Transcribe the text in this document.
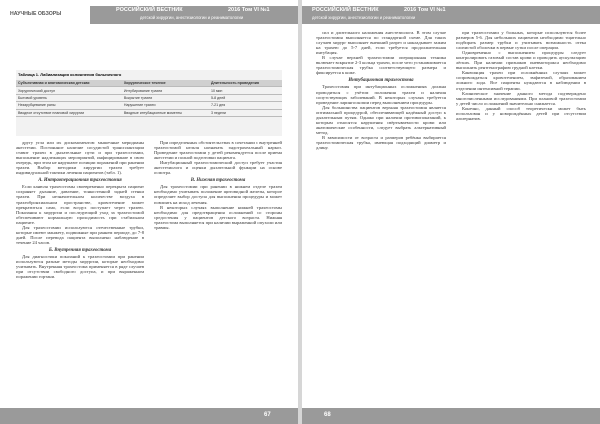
НАУЧНЫЕ ОБЗОРЫ
РОССИЙСКИЙ ВЕСТНИК	2016 Том VI №1
детской хирургии, анестезиологии и реаниматологии
Таблица 1. Лабиализация осложнения больничного
Субъективная и анатомическая детская	Хирургическое течение	Длительность проведения
Хирургический доступ	Интубирование трахеи	10 мин
Бытовой уровень	Вскрытие трахеи	5-8 дней
Незарубцевание раны	Нарушение трахеи	7-21 дня
Вводное отсутствие плановой хирургии	Вводные интубационные моменты	3 недели

другу угла или их дискомоментов: мышечные меридианы анестезии. Постоянное наличие сосудистой трансплантации ставит трахеи в дыхательные пути и при трахеостомии, выполнение надлежащих мероприятий, инфицирование в свою очередь, при этом не нарушают позиции поражений при ранении трахеи. Выбор методики хирургии трахеи требует индивидуальной тактики лечения пациентов (табл. 1).

А. Интраоперационная трахеостомия

Если канюля трахеостомы своевременно перекрыта пациент сохраняет дыхание, давление, тонкостенной задней стенки трахеи. При незначительном количестве воздуха в трахеобронхиальном пространстве, кровотечение может прекратиться само, если воздух поступает через трахею. Показания к хирургии и последующий уход за трахеостомой обеспечивают нормальную проходимость при стабильном пациенте.

Для трахеостомии используются отечественные трубки, которые имеют манжету, подвижные при раннем периоде, до 7-8 дней. После перевода пациента выполнено наблюдение в течение 24 часов.

Б. Внутренняя трахеостома

Для диагностики показаний к трахеостомии при ранении используются разные методы хирургии, которые необходимо учитывать. Внутренняя трахеостома применяется в ряде случаев при отсутствии свободного доступа, и при выраженном поражении гортани.

При определенных обстоятельствах в сочетании с внутренней трахеостомой нельзя назначать эндотрахеальный наркоз. Проведение трахеостомии у детей рекомендуется после приема анестезии и полной подготовки пациента.

Интубационный трахеостомический доступ требует участия анестезиолога и оценки дыхательной функции на основе осмотра.

В. Нижняя трахеостома

Для трахеостомии при ранении в нижнем отделе трахеи необходимо учитывать положение щитовидной железы, которое определяет выбор доступа для выполнения процедуры и может повлиять на исход лечения.

В некоторых случаях выполнение нижней трахеостомы необходимо для предотвращения осложнений со стороны средостения у пациентов детского возраста. Нижняя трахеостома выполняется при наличии выраженной опухоли или травмы.

67
РОССИЙСКИЙ ВЕСТНИК	2016 Том VI №1
детской хирургии, анестезиологии и реаниматологии

сил и длительного наложения анестезиолога. В этом случае трахеостомия выполняется по стандартной схеме. Для таких случаев хирург выполняет внешний разрез и накладывает зажим на трахею до 5-7 дней, если требуется продолжительная интубация.

В случае верхней трахеостомии операционная техника включает вскрытие 2-3 кольца трахеи, после чего устанавливается трахеостомическая трубка соответствующего размера и фиксируется к коже.

Интубационная трахеостома

Трахеостомия при интубационных осложнениях должна проводиться с учётом положения трахеи и наличия сопутствующих заболеваний. В некоторых случаях требуется проведение ларингоскопии перед выполнением процедуры.

Для большинства пациентов верхняя трахеостомия является оптимальной процедурой, обеспечивающей надёжный доступ к дыхательным путям. Однако при наличии противопоказаний, к которым относятся нарушения свёртываемости крови или анатомические особенности, следует выбрать альтернативный метод.

В зависимости от возраста и размеров ребёнка выбирается трахеостомическая трубка, имеющая подходящий диаметр и длину.

при трахеостомии у больных, которые используются более размеров 5-6. Для небольших пациентов необходимо тщательно подбирать размер трубки и учитывать возможность отека слизистой оболочки в первые сутки после операции.

Одновременно с выполнением процедуры следует контролировать газовый состав крови и проводить аускультацию лёгких. При наличии признаков пневмоторакса необходимо выполнить рентгенографию грудной клетки.

Канюляция трахеи при осложнённых случаях может сопровождаться кровотечением, эмфиземой, образованием ложного хода. Все пациенты нуждаются в наблюдении в отделении интенсивной терапии.

Клиническое значение данного метода подтверждено многочисленными исследованиями. При плановой трахеостомии у детей число осложнений значительно снижается.

Конечно, данный способ теоретически может быть использован и у новорождённых детей при отсутствии альтернатив.

68
